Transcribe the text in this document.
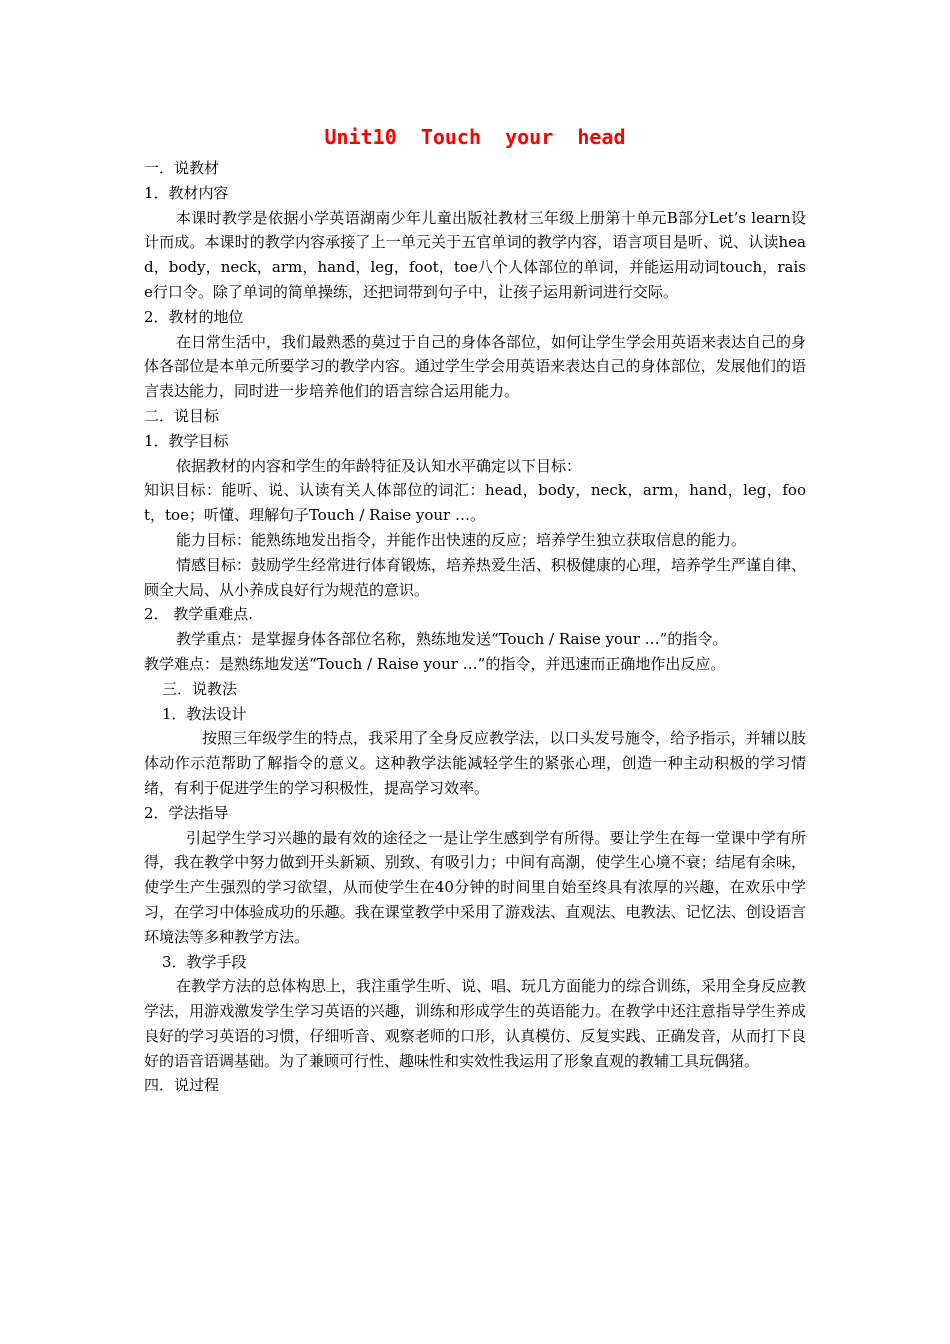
Unit10  Touch  your  head
一．说教材
1．教材内容
本课时教学是依据小学英语湖南少年儿童出版社教材三年级上册第十单元B部分Let’s learn设计而成。本课时的教学内容承接了上一单元关于五官单词的教学内容，语言项目是听、说、认读head，body，neck，arm，hand，leg，foot，toe八个人体部位的单词，并能运用动词touch，raise行口令。除了单词的简单操练，还把词带到句子中，让孩子运用新词进行交际。
2．教材的地位
在日常生活中，我们最熟悉的莫过于自己的身体各部位，如何让学生学会用英语来表达自己的身体各部位是本单元所要学习的教学内容。通过学生学会用英语来表达自己的身体部位，发展他们的语言表达能力，同时进一步培养他们的语言综合运用能力。
二．说目标
1．教学目标
依据教材的内容和学生的年龄特征及认知水平确定以下目标：
知识目标：能听、说、认读有关人体部位的词汇：head，body，neck，arm，hand，leg，foot，toe；听懂、理解句子Touch / Raise your …。
能力目标：能熟练地发出指令，并能作出快速的反应；培养学生独立获取信息的能力。
情感目标：鼓励学生经常进行体育锻炼，培养热爱生活、积极健康的心理，培养学生严谨自律、顾全大局、从小养成良好行为规范的意识。
2． 教学重难点.
教学重点：是掌握身体各部位名称，熟练地发送“Touch / Raise your …”的指令。
教学难点：是熟练地发送“Touch / Raise your …”的指令，并迅速而正确地作出反应。
三．说教法
1．教法设计
按照三年级学生的特点，我采用了全身反应教学法，以口头发号施令，给予指示，并辅以肢体动作示范帮助了解指令的意义。这种教学法能减轻学生的紧张心理，创造一种主动积极的学习情绪，有利于促进学生的学习积极性，提高学习效率。
2．学法指导
引起学生学习兴趣的最有效的途径之一是让学生感到学有所得。要让学生在每一堂课中学有所得，我在教学中努力做到开头新颖、别致、有吸引力；中间有高潮，使学生心境不衰；结尾有余味，使学生产生强烈的学习欲望，从而使学生在40分钟的时间里自始至终具有浓厚的兴趣，在欢乐中学习，在学习中体验成功的乐趣。我在课堂教学中采用了游戏法、直观法、电教法、记忆法、创设语言环境法等多种教学方法。
3．教学手段
在教学方法的总体构思上，我注重学生听、说、唱、玩几方面能力的综合训练，采用全身反应教学法，用游戏激发学生学习英语的兴趣，训练和形成学生的英语能力。在教学中还注意指导学生养成良好的学习英语的习惯，仔细听音、观察老师的口形，认真模仿、反复实践、正确发音，从而打下良好的语音语调基础。为了兼顾可行性、趣味性和实效性我运用了形象直观的教辅工具玩偶猪。
四．说过程
